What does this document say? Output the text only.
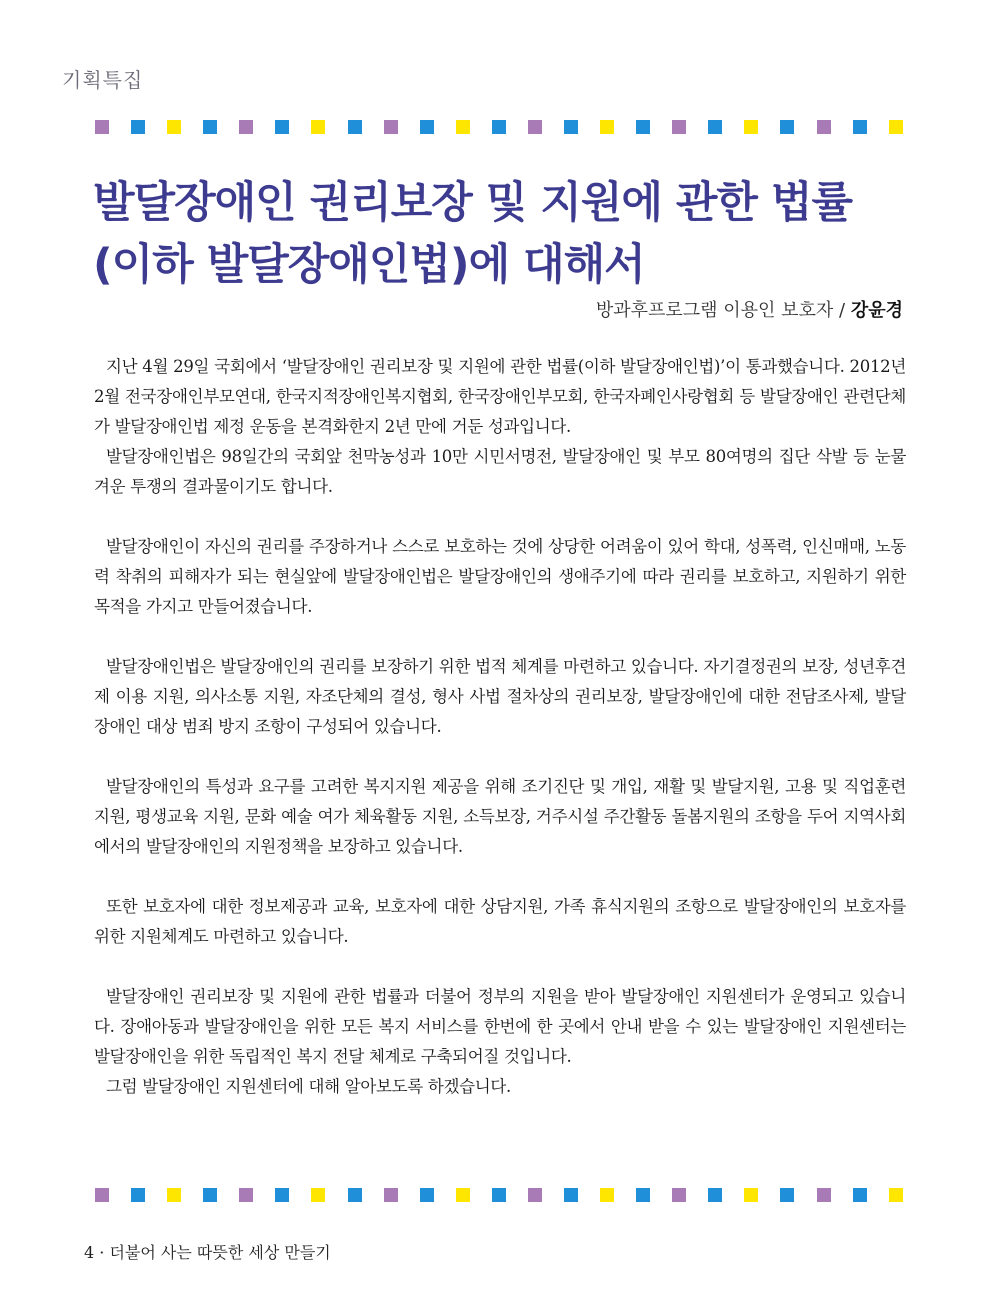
기획특집
발달장애인 권리보장 및 지원에 관한 법률
(이하 발달장애인법)에 대해서
방과후프로그램 이용인 보호자 / 강윤경

지난 4월 29일 국회에서 ‘발달장애인 권리보장 및 지원에 관한 법률(이하 발달장애인법)’이 통과했습니다. 2012년 2월 전국장애인부모연대, 한국지적장애인복지협회, 한국장애인부모회, 한국자폐인사랑협회 등 발달장애인 관련단체가 발달장애인법 제정 운동을 본격화한지 2년 만에 거둔 성과입니다.

발달장애인법은 98일간의 국회앞 천막농성과 10만 시민서명전, 발달장애인 및 부모 80여명의 집단 삭발 등 눈물겨운 투쟁의 결과물이기도 합니다.

발달장애인이 자신의 권리를 주장하거나 스스로 보호하는 것에 상당한 어려움이 있어 학대, 성폭력, 인신매매, 노동력 착취의 피해자가 되는 현실앞에 발달장애인법은 발달장애인의 생애주기에 따라 권리를 보호하고, 지원하기 위한 목적을 가지고 만들어졌습니다.

발달장애인법은 발달장애인의 권리를 보장하기 위한 법적 체계를 마련하고 있습니다. 자기결정권의 보장, 성년후견제 이용 지원, 의사소통 지원, 자조단체의 결성, 형사 사법 절차상의 권리보장, 발달장애인에 대한 전담조사제, 발달장애인 대상 범죄 방지 조항이 구성되어 있습니다.

발달장애인의 특성과 요구를 고려한 복지지원 제공을 위해 조기진단 및 개입, 재활 및 발달지원, 고용 및 직업훈련 지원, 평생교육 지원, 문화 예술 여가 체육활동 지원, 소득보장, 거주시설 주간활동 돌봄지원의 조항을 두어 지역사회에서의 발달장애인의 지원정책을 보장하고 있습니다.

또한 보호자에 대한 정보제공과 교육, 보호자에 대한 상담지원, 가족 휴식지원의 조항으로 발달장애인의 보호자를 위한 지원체계도 마련하고 있습니다.

발달장애인 권리보장 및 지원에 관한 법률과 더불어 정부의 지원을 받아 발달장애인 지원센터가 운영되고 있습니다. 장애아동과 발달장애인을 위한 모든 복지 서비스를 한번에 한 곳에서 안내 받을 수 있는 발달장애인 지원센터는 발달장애인을 위한 독립적인 복지 전달 체계로 구축되어질 것입니다.

그럼 발달장애인 지원센터에 대해 알아보도록 하겠습니다.

4 · 더불어 사는 따뜻한 세상 만들기
